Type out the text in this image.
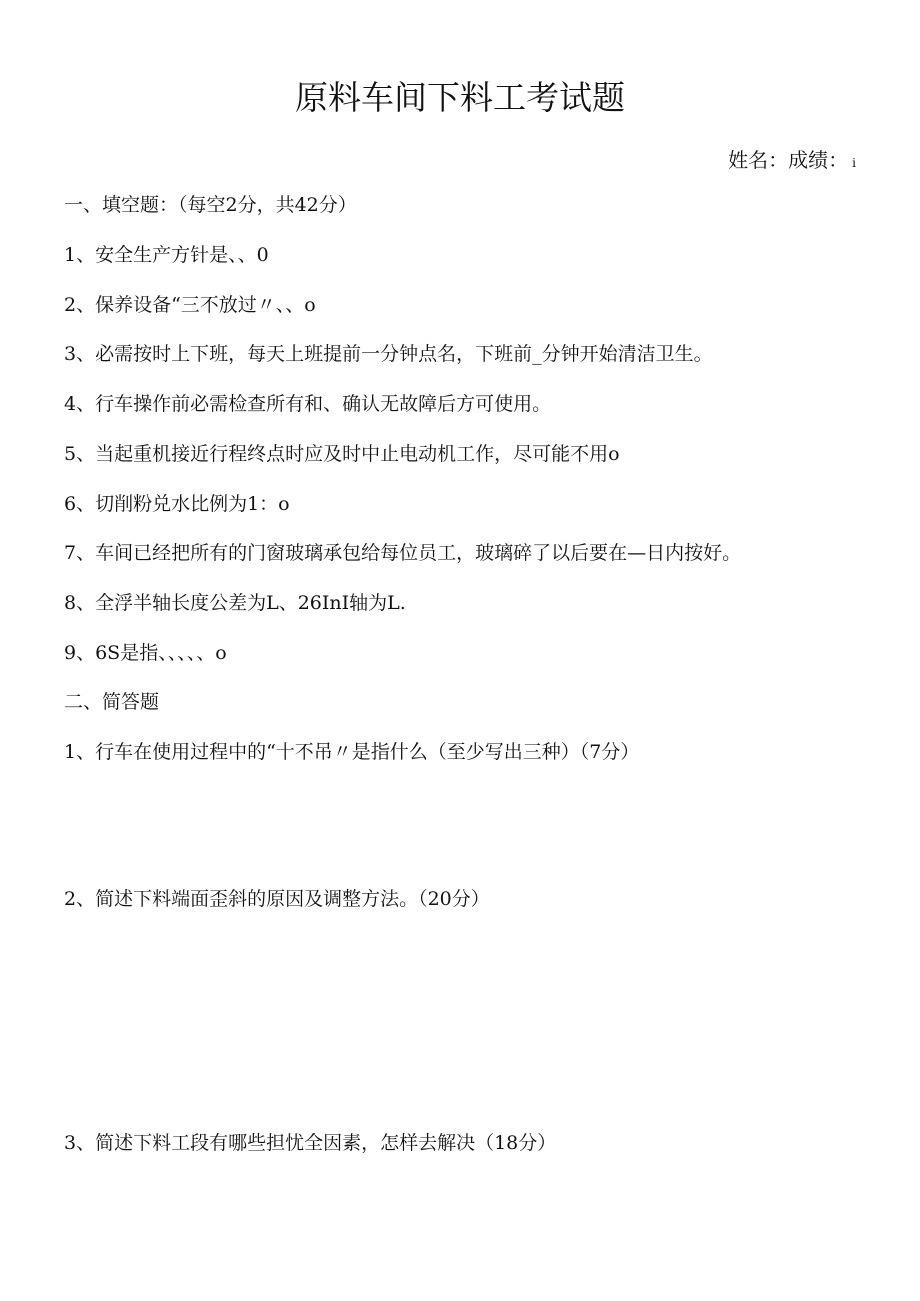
原料车间下料工考试题
姓名：成绩： i
一、填空题：（每空2分，共42分）
1、安全生产方针是、、0
2、保养设备“三不放过〃、、o
3、必需按时上下班，每天上班提前一分钟点名，下班前_分钟开始清洁卫生。
4、行车操作前必需检查所有和、确认无故障后方可使用。
5、当起重机接近行程终点时应及时中止电动机工作，尽可能不用o
6、切削粉兑水比例为1：o
7、车间已经把所有的门窗玻璃承包给每位员工，玻璃碎了以后要在—日内按好。
8、全浮半轴长度公差为L、26InI轴为L.
9、6S是指、、、、、o
二、简答题
1、行车在使用过程中的“十不吊〃是指什么（至少写出三种）（7分）
2、简述下料端面歪斜的原因及调整方法。（20分）
3、简述下料工段有哪些担忧全因素，怎样去解决（18分）
